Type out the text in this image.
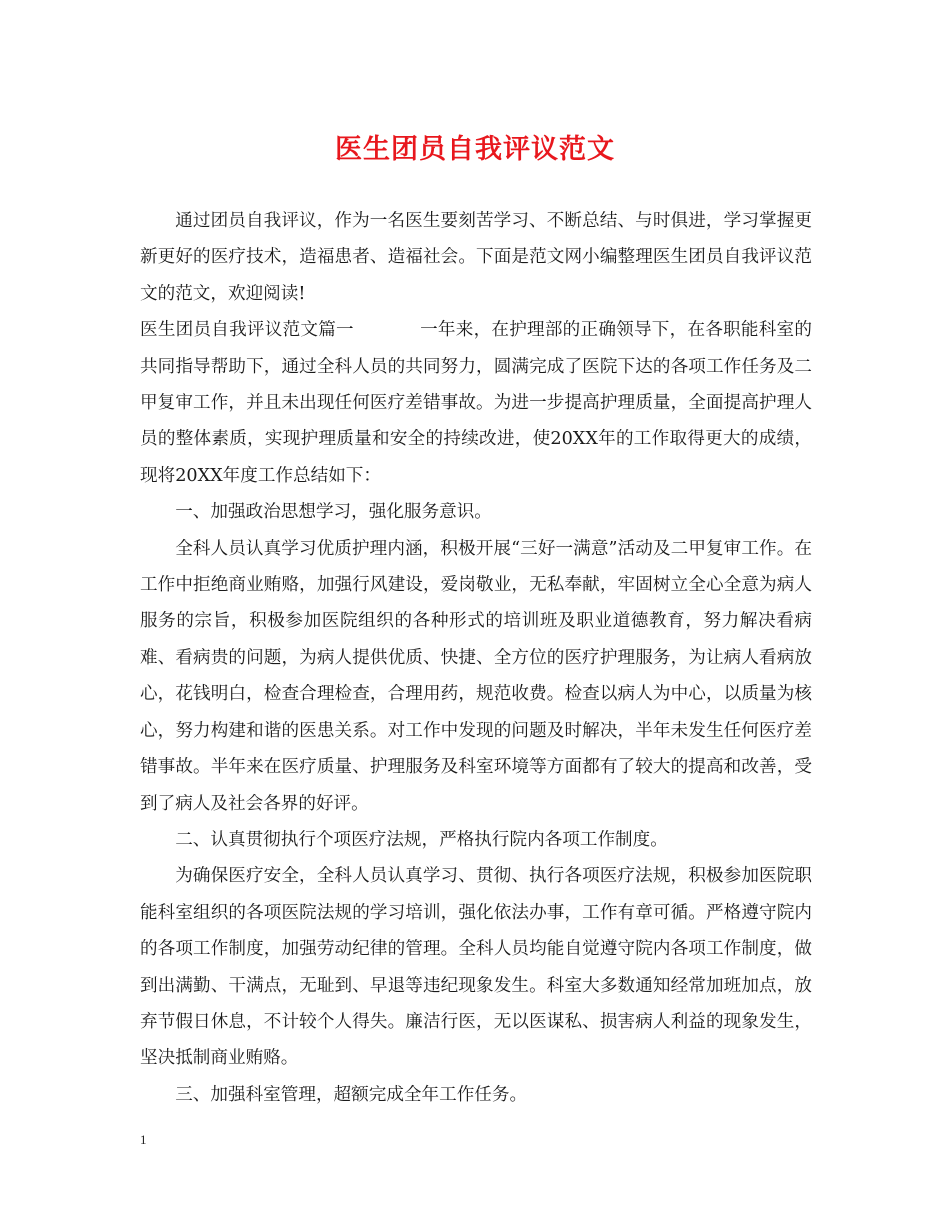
医生团员自我评议范文

通过团员自我评议，作为一名医生要刻苦学习、不断总结、与时俱进，学习掌握更新更好的医疗技术，造福患者、造福社会。下面是范文网小编整理医生团员自我评议范文的范文，欢迎阅读!

医生团员自我评议范文篇一	一年来，在护理部的正确领导下，在各职能科室的共同指导帮助下，通过全科人员的共同努力，圆满完成了医院下达的各项工作任务及二甲复审工作，并且未出现任何医疗差错事故。为进一步提高护理质量，全面提高护理人员的整体素质，实现护理质量和安全的持续改进，使20XX年的工作取得更大的成绩，现将20XX年度工作总结如下：

一、加强政治思想学习，强化服务意识。

全科人员认真学习优质护理内涵，积极开展“三好一满意”活动及二甲复审工作。在工作中拒绝商业贿赂，加强行风建设，爱岗敬业，无私奉献，牢固树立全心全意为病人服务的宗旨，积极参加医院组织的各种形式的培训班及职业道德教育，努力解决看病难、看病贵的问题，为病人提供优质、快捷、全方位的医疗护理服务，为让病人看病放心，花钱明白，检查合理检查，合理用药，规范收费。检查以病人为中心，以质量为核心，努力构建和谐的医患关系。对工作中发现的问题及时解决，半年未发生任何医疗差错事故。半年来在医疗质量、护理服务及科室环境等方面都有了较大的提高和改善，受到了病人及社会各界的好评。

二、认真贯彻执行个项医疗法规，严格执行院内各项工作制度。

为确保医疗安全，全科人员认真学习、贯彻、执行各项医疗法规，积极参加医院职能科室组织的各项医院法规的学习培训，强化依法办事，工作有章可循。严格遵守院内的各项工作制度，加强劳动纪律的管理。全科人员均能自觉遵守院内各项工作制度，做到出满勤、干满点，无耻到、早退等违纪现象发生。科室大多数通知经常加班加点，放弃节假日休息，不计较个人得失。廉洁行医，无以医谋私、损害病人利益的现象发生，坚决抵制商业贿赂。

三、加强科室管理，超额完成全年工作任务。

1
